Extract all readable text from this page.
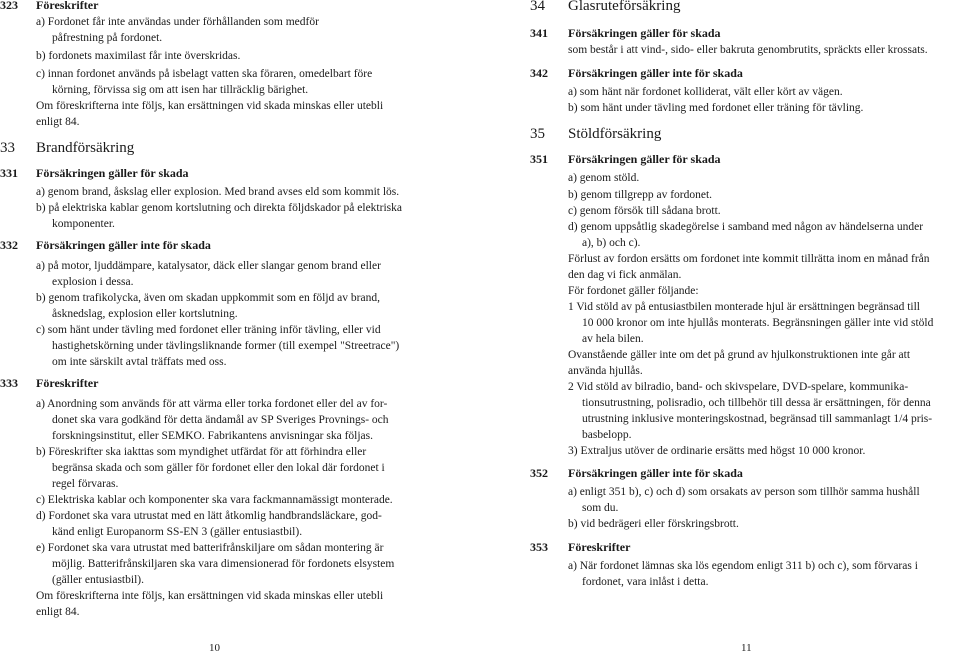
323 Föreskrifter
a) Fordonet får inte användas under förhållanden som medför
påfrestning på fordonet.
b) fordonets maximilast får inte överskridas.
c) innan fordonet används på isbelagt vatten ska föraren, omedelbart före
körning, förvissa sig om att isen har tillräcklig bärighet.
Om föreskrifterna inte följs, kan ersättningen vid skada minskas eller utebli
enligt 84.
33 Brandförsäkring
331 Försäkringen gäller för skada
a) genom brand, åskslag eller explosion. Med brand avses eld som kommit lös.
b) på elektriska kablar genom kortslutning och direkta följdskador på elektriska
komponenter.
332 Försäkringen gäller inte för skada
a) på motor, ljuddämpare, katalysator, däck eller slangar genom brand eller
explosion i dessa.
b) genom trafikolycka, även om skadan uppkommit som en följd av brand,
åsknedslag, explosion eller kortslutning.
c) som hänt under tävling med fordonet eller träning inför tävling, eller vid
hastighetskörning under tävlingsliknande former (till exempel "Streetrace")
om inte särskilt avtal träffats med oss.
333 Föreskrifter
a) Anordning som används för att värma eller torka fordonet eller del av for-
donet ska vara godkänd för detta ändamål av SP Sveriges Provnings- och
forskningsinstitut, eller SEMKO. Fabrikantens anvisningar ska följas.
b) Föreskrifter ska iakttas som myndighet utfärdat för att förhindra eller
begränsa skada och som gäller för fordonet eller den lokal där fordonet i
regel förvaras.
c) Elektriska kablar och komponenter ska vara fackmannamässigt monterade.
d) Fordonet ska vara utrustat med en lätt åtkomlig handbrandsläckare, god-
känd enligt Europanorm SS-EN 3 (gäller entusiastbil).
e) Fordonet ska vara utrustat med batterifrånskiljare om sådan montering är
möjlig. Batterifrånskiljaren ska vara dimensionerad för fordonets elsystem
(gäller entusiastbil).
Om föreskrifterna inte följs, kan ersättningen vid skada minskas eller utebli
enligt 84.
10
34 Glasruteförsäkring
341 Försäkringen gäller för skada
som består i att vind-, sido- eller bakruta genombrutits, spräckts eller krossats.
342 Försäkringen gäller inte för skada
a) som hänt när fordonet kolliderat, vält eller kört av vägen.
b) som hänt under tävling med fordonet eller träning för tävling.
35 Stöldförsäkring
351 Försäkringen gäller för skada
a) genom stöld.
b) genom tillgrepp av fordonet.
c) genom försök till sådana brott.
d) genom uppsåtlig skadegörelse i samband med någon av händelserna under
a), b) och c).
Förlust av fordon ersätts om fordonet inte kommit tillrätta inom en månad från
den dag vi fick anmälan.
För fordonet gäller följande:
1 Vid stöld av på entusiastbilen monterade hjul är ersättningen begränsad till
10 000 kronor om inte hjullås monterats. Begränsningen gäller inte vid stöld
av hela bilen.
Ovanstående gäller inte om det på grund av hjulkonstruktionen inte går att
använda hjullås.
2 Vid stöld av bilradio, band- och skivspelare, DVD-spelare, kommunika-
tionsutrustning, polisradio, och tillbehör till dessa är ersättningen, för denna
utrustning inklusive monteringskostnad, begränsad till sammanlagt 1/4 pris-
basbelopp.
3) Extralјus utöver de ordinarie ersätts med högst 10 000 kronor.
352 Försäkringen gäller inte för skada
a) enligt 351 b), c) och d) som orsakats av person som tillhör samma hushåll
som du.
b) vid bedrägeri eller förskringsbrott.
353 Föreskrifter
a) När fordonet lämnas ska lös egendom enligt 311 b) och c), som förvaras i
fordonet, vara inlåst i detta.
11
